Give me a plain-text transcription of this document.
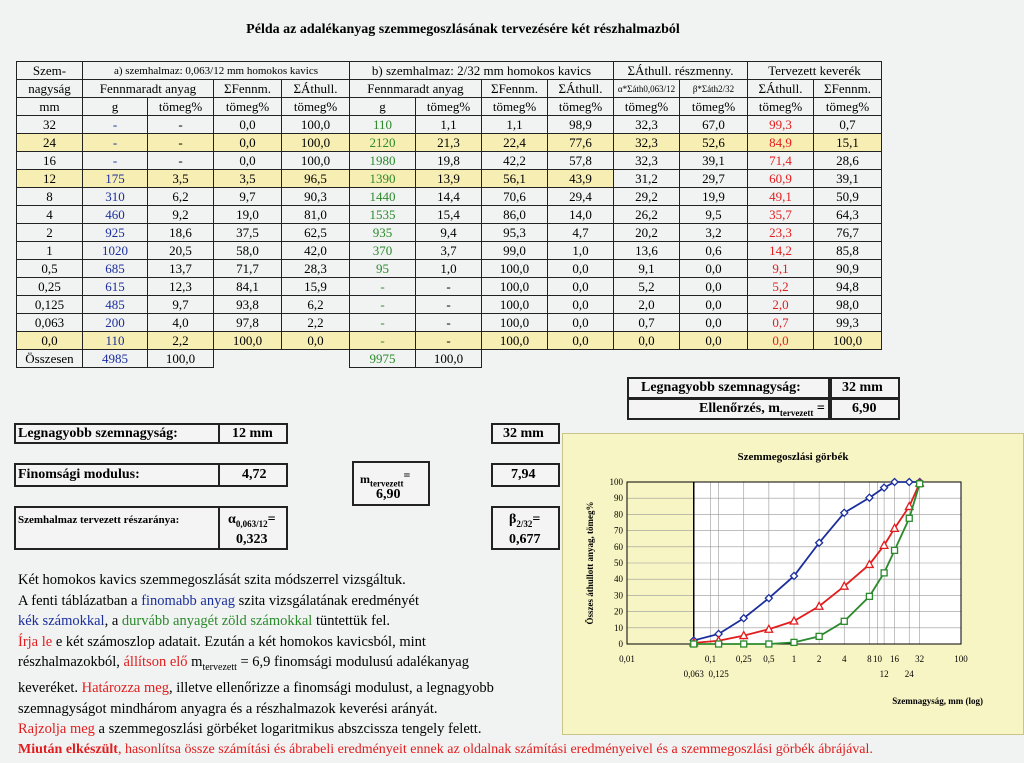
Példa az adalékanyag szemmegoszlásának tervezésére két részhalmazból
Szem-	a) szemhalmaz: 0,063/12 mm homokos kavics				b) szemhalmaz: 2/32 mm homokos kavics				ΣÁthull. részmenny.		Tervezett keverék	
nagyság	Fennmaradt anyag		ΣFennm.	ΣÁthull.	Fennmaradt anyag		ΣFennm.	ΣÁthull.	α*Σáth0,063/12	β*Σáth2/32	ΣÁthull.	ΣFennm.
mm	g	tömeg%	tömeg%	tömeg%	g	tömeg%	tömeg%	tömeg%	tömeg%	tömeg%	tömeg%	tömeg%
32	-	-	0,0	100,0	110	1,1	1,1	98,9	32,3	67,0	99,3	0,7
24	-	-	0,0	100,0	2120	21,3	22,4	77,6	32,3	52,6	84,9	15,1
16	-	-	0,0	100,0	1980	19,8	42,2	57,8	32,3	39,1	71,4	28,6
12	175	3,5	3,5	96,5	1390	13,9	56,1	43,9	31,2	29,7	60,9	39,1
8	310	6,2	9,7	90,3	1440	14,4	70,6	29,4	29,2	19,9	49,1	50,9
4	460	9,2	19,0	81,0	1535	15,4	86,0	14,0	26,2	9,5	35,7	64,3
2	925	18,6	37,5	62,5	935	9,4	95,3	4,7	20,2	3,2	23,3	76,7
1	1020	20,5	58,0	42,0	370	3,7	99,0	1,0	13,6	0,6	14,2	85,8
0,5	685	13,7	71,7	28,3	95	1,0	100,0	0,0	9,1	0,0	9,1	90,9
0,25	615	12,3	84,1	15,9	-	-	100,0	0,0	5,2	0,0	5,2	94,8
0,125	485	9,7	93,8	6,2	-	-	100,0	0,0	2,0	0,0	2,0	98,0
0,063	200	4,0	97,8	2,2	-	-	100,0	0,0	0,7	0,0	0,7	99,3
0,0	110	2,2	100,0	0,0	-	-	100,0	0,0	0,0	0,0	0,0	100,0
Összesen	4985	100,0			9975	100,0						
Legnagyobb szemnagyság:	32 mm
Ellenőrzés, $m_{tervezett} = 6,90$
Legnagyobb szemnagyság:	12 mm	32 mm
Finomsági modulus:	4,72	7,94
$m_{tervezett}=$
6,90
Szemhalmaz tervezett részaránya:	$\alpha_{0,063/12}=$
0,323
$\beta_{2/32}=$
0,677
Szemmegoszlási görbék
0
10
20
30
40
50
60
70
80
90
100
0,01	0,1 0,25 0,5 1 2 4 8 10 16 32	100
0,063 0,125	12 24
Szemnagyság, mm (log)
Összes áthullott anyag, tömeg%

Két homokos kavics szemmegoszlását szita módszerrel vizsgáltuk.

A fenti táblázatban a finomabb anyag szita vizsgálatának eredményét

kék számokkal, a durvább anyagét zöld számokkal tüntettük fel.

Írja le e két számoszlop adatait. Ezután a két homokos kavicsból, mint

részhalmazokból, állítson elő $m_{tervezett} = 6,9$ finomsági modulusú adalékanyag

keveréket. Határozza meg, illetve ellenőrizze a finomsági modulust, a legnagyobb

szemnagyságot mindhárom anyagra és a részhalmazok keverési arányát.

Rajzolja meg a szemmegoszlási görbéket logaritmikus abszcissza tengely felett.

Miután elkészült, hasonlítsa össze számítási és ábrabeli eredményeit ennek az oldalnak számítási eredményeivel és a szemmegoszlási görbék ábrájával.
